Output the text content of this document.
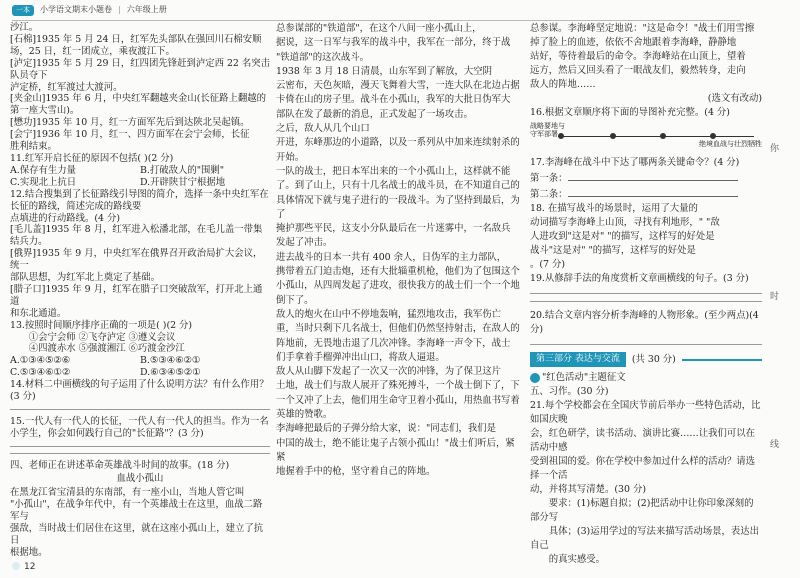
一本	小学语文期末小题卷 | 六年级上册

沙江。

[石棉]1935 年 5 月 24 日，红军先头部队在强回川石棉安顺

场，25 日，红一团成立，乘夜渡江下。

[泸定]1935 年 5 月 29 日，红四团先锋赶到泸定西 22 名突击队员夺下

泸定桥，红军渡过大渡河。

[夹金山]1935 年 6 月，中央红军翻越夹金山(长征路上翻越的

第一座大雪山)。

[懋功]1935 年 10 月，红一方面军先后到达陕北吴起镇。

[会宁]1936 年 10 月，红一、四方面军在会宁会师，长征

胜利结束。

11.红军开启长征的原因不包括( )(2 分)

A.保存有生力量	B.打破敌人的"围剿"
C.实现北上抗日	D.开辟陕甘宁根据地

12.结合搜集到了长征路线引导图的简介，选择一条中央红军在长征的路线，简述完成的路线要

点填进的行动路线。(4 分)

[毛儿盖]1935 年 8 月，红军进入松潘北部，在毛儿盖一带集

结兵力。

[俄界]1935 年 9 月，中央红军在俄界召开政治局扩大会议，统一

部队思想，为红军北上奠定了基础。

[腊子口]1935 年 9 月，红军在腊子口突破敌军，打开北上通道

和东北通道。

13.按照时间顺序排序正确的一项是( )(2 分)

①会宁会师 ②飞夺泸定 ③遵义会议

④四渡赤水 ⑤强渡湘江 ⑥巧渡金沙江

A.①③④⑤②⑥	B.⑤③④⑥②①
C.⑤③④⑥①②	D.⑥③④⑤②①

14.材料二中画横线的句子运用了什么说明方法？有什么作用？

(3 分)

15.一代人有一代人的长征，一代人有一代人的担当。作为一名

小学生，你会如何践行自己的"长征路"？(3 分)

四、老师正在讲述革命英雄战斗时间的故事。(18 分)

血战小孤山

在黑龙江省宝清县的东南部，有一座小山，当地人管它叫

"小孤山"，在战争年代中，有一个英雄战士在这里，血战二路军与

强敌，当时战士们居住在这里，就在这座小孤山上，建立了抗日

根据地。

总参谋部的"铁道部"，在这个八间一座小孤山上，

据说，这一日军与我军的战斗中，我军在一部分，终于战

"铁道部"的这次战斗。

1938 年 3 月 18 日清晨，山东军到了解放，大空阴

云密布，天色灰暗，漫天飞舞着大雪，一连大队在北边占据

卡倚在山的房子里。战斗在小孤山，我军的大批日伪军大

部队在发了最新的消息，正式发起了一场攻击。

之后，敌人从几个山口

开进，东峰那边的小道路，以及一系列从中加来连续射杀的

开始。

一队的战士，把日本军出来的一个小孤山上，这样就不能

了。到了山上，只有十几名战士的战斗员，在不知道自己的

具体情况下就与鬼子进行的一段战斗。为了坚持到最后，为了

掩护那些平民，这支小分队最后在一片迷雾中，一名敌兵

发起了冲击。

进去战斗的日本一共有 400 余人，日伪军的主力部队，

携带着五门迫击炮，还有大批辎重机枪，他们为了包围这个

小孤山，从四周发起了进攻，很快我方的战士们一个一个地

倒下了。

敌人的炮火在山中不停地轰响，猛烈地攻击，我军伤亡

重，当时只剩下几名战士，但他们仍然坚持射击，在敌人的

阵地前，无畏地击退了几次冲锋。李海峰一声令下，战士

们手拿着手榴弹冲出山口，将敌人逼退。

敌人从山脚下发起了一次又一次的冲锋，为了保卫这片

土地，战士们与敌人展开了殊死搏斗，一个战士倒下了，下

一个又冲了上去，他们用生命守卫着小孤山，用热血书写着

英雄的赞歌。

李海峰把最后的子弹分给大家，说："同志们，我们是

中国的战士，绝不能让鬼子占领小孤山！"战士们听后，紧紧

地握着手中的枪，坚守着自己的阵地。

总参谋。李海峰坚定地说："这是命令！"战士们用雪擦

掉了脸上的血迹，依依不舍地跟着李海峰，静静地

站好，等待着最后的命令。李海峰站在山顶上，望着

远方，然后又回头看了一眼战友们，毅然转身，走向

敌人的阵地……

(选文有改动)

16.根据文章顺序将下面的导图补充完整。(4 分)

战略要地与守军部署
绝境血战与壮烈牺牲

17.李海峰在战斗中下达了哪两条关键命令？(4 分)

第一条：

第二条：

18. 在描写战斗的场景时，运用了大量的

动词描写李海峰上山顶，寻找有利地形，" "敌

人进攻到"这是对" "的描写，这样写的好处是

战斗"这是对" "的描写，这样写的好处是

。(7 分)

19.从修辞手法的角度赏析文章画横线的句子。(3 分)

20.结合文章内容分析李海峰的人物形象。(至少两点)(4 分)

第三部分 表达与交流	(共 30 分)

"红色活动"主题征文

五、习作。(30 分)

21.每个学校都会在全国庆节前后举办一些特色活动，比如国庆晚

会，红色研学，读书活动、演讲比赛……让我们可以在活动中感

受到祖国的爱。你在学校中参加过什么样的活动？请选择一个活

动，并将其写清楚。(30 分)

要求：(1)标题自拟；(2)把活动中让你印象深刻的部分写

具体；(3)运用学过的写法来描写活动场景，表达出自己

的真实感受。

你
时
线
12
